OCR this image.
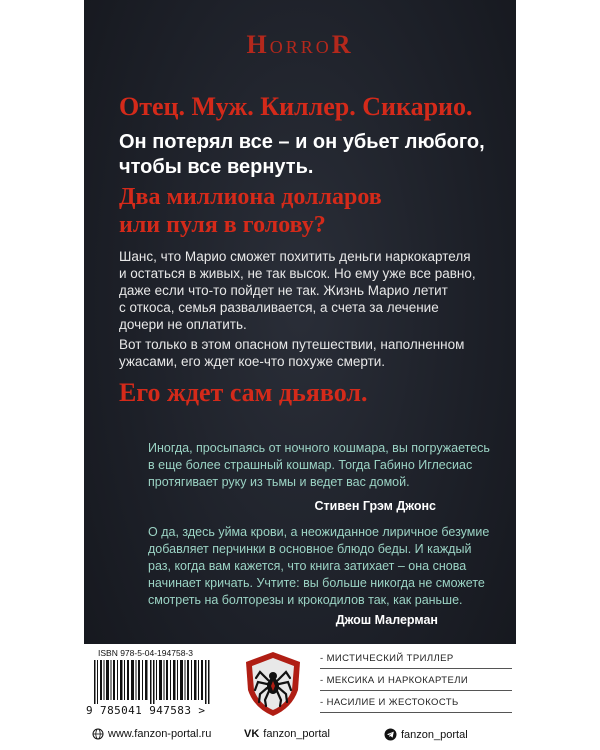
HORROR
Отец. Муж. Киллер. Сикарио.
Он потерял все – и он убьет любого,
чтобы все вернуть.
Два миллиона долларов
или пуля в голову?
Шанс, что Марио сможет похитить деньги наркокартеля
и остаться в живых, не так высок. Но ему уже все равно,
даже если что-то пойдет не так. Жизнь Марио летит
с откоса, семья разваливается, а счета за лечение
дочери не оплатить.
Вот только в этом опасном путешествии, наполненном
ужасами, его ждет кое-что похуже смерти.
Его ждет сам дьявол.
Иногда, просыпаясь от ночного кошмара, вы погружаетесь
в еще более страшный кошмар. Тогда Габино Иглесиас
протягивает руку из тьмы и ведет вас домой.
Стивен Грэм Джонс
О да, здесь уйма крови, а неожиданное лиричное безумие
добавляет перчинки в основное блюдо беды. И каждый
раз, когда вам кажется, что книга затихает – она снова
начинает кричать. Учтите: вы больше никогда не сможете
смотреть на болторезы и крокодилов так, как раньше.
Джош Малерман
ISBN 978-5-04-194758-3
9 785041 947583 >
- МИСТИЧЕСКИЙ ТРИЛЛЕР
- МЕКСИКА И НАРКОКАРТЕЛИ
- НАСИЛИЕ И ЖЕСТОКОСТЬ
www.fanzon-portal.ru	VK fanzon_portal	fanzon_portal
